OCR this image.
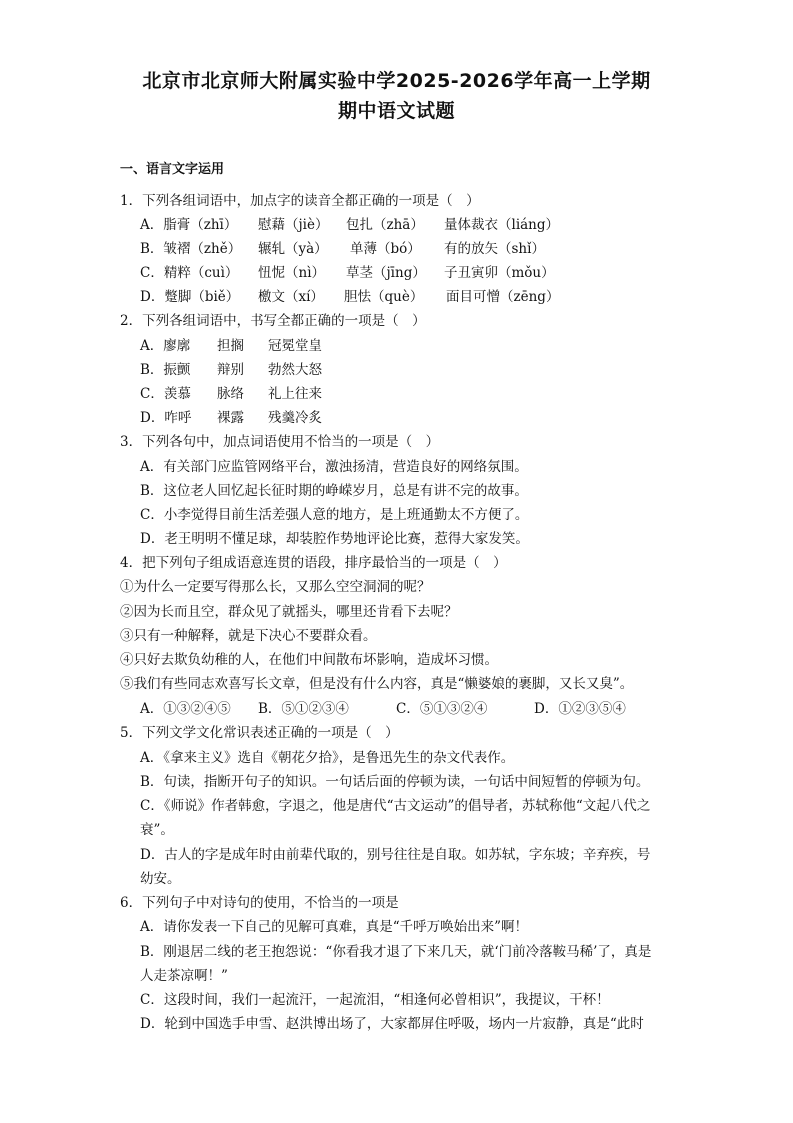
北京市北京师大附属实验中学2025-2026学年高一上学期
期中语文试题
一、语言文字运用
1．下列各组词语中，加点字的读音全都正确的一项是（　）
A．脂膏（zhī） 慰藉（jiè） 包扎（zhā） 量体裁衣（liáng）
B．皱褶（zhě） 辗轧（yà） 单薄（bó） 有的放矢（shǐ）
C．精粹（cuì） 忸怩（nì） 草茎（jīng） 子丑寅卯（mǒu）
D．蹩脚（biě） 檄文（xí） 胆怯（què） 面目可憎（zēng）
2．下列各组词语中，书写全都正确的一项是（　）
A．廖廓 担搁 冠冕堂皇
B．振颤 辩别 勃然大怒
C．羡慕 脉络 礼上往来
D．咋呼 裸露 残羹冷炙
3．下列各句中，加点词语使用不恰当的一项是（　）
A．有关部门应监管网络平台，激浊扬清，营造良好的网络氛围。
B．这位老人回忆起长征时期的峥嵘岁月，总是有讲不完的故事。
C．小李觉得目前生活差强人意的地方，是上班通勤太不方便了。
D．老王明明不懂足球，却装腔作势地评论比赛，惹得大家发笑。
4．把下列句子组成语意连贯的语段，排序最恰当的一项是（　）
①为什么一定要写得那么长，又那么空空洞洞的呢？
②因为长而且空，群众见了就摇头，哪里还肯看下去呢？
③只有一种解释，就是下决心不要群众看。
④只好去欺负幼稚的人，在他们中间散布坏影响，造成坏习惯。
⑤我们有些同志欢喜写长文章，但是没有什么内容，真是“懒婆娘的裹脚，又长又臭”。
A．①③②④⑤ B．⑤①②③④	C．⑤①③②④	D．①②③⑤④
5．下列文学文化常识表述正确的一项是（　）
A．《拿来主义》选自《朝花夕拾》，是鲁迅先生的杂文代表作。
B．句读，指断开句子的知识。一句话后面的停顿为读，一句话中间短暂的停顿为句。
C．《师说》作者韩愈，字退之，他是唐代“古文运动”的倡导者，苏轼称他“文起八代之
衰”。
D．古人的字是成年时由前辈代取的，别号往往是自取。如苏轼，字东坡；辛弃疾，号
幼安。
6．下列句子中对诗句的使用，不恰当的一项是
A．请你发表一下自己的见解可真难，真是“千呼万唤始出来”啊！
B．刚退居二线的老王抱怨说：“你看我才退了下来几天，就‘门前冷落鞍马稀’了，真是
人走茶凉啊！”
C．这段时间，我们一起流汗，一起流泪，“相逢何必曾相识”，我提议，干杯！
D．轮到中国选手申雪、赵洪博出场了，大家都屏住呼吸，场内一片寂静，真是“此时
